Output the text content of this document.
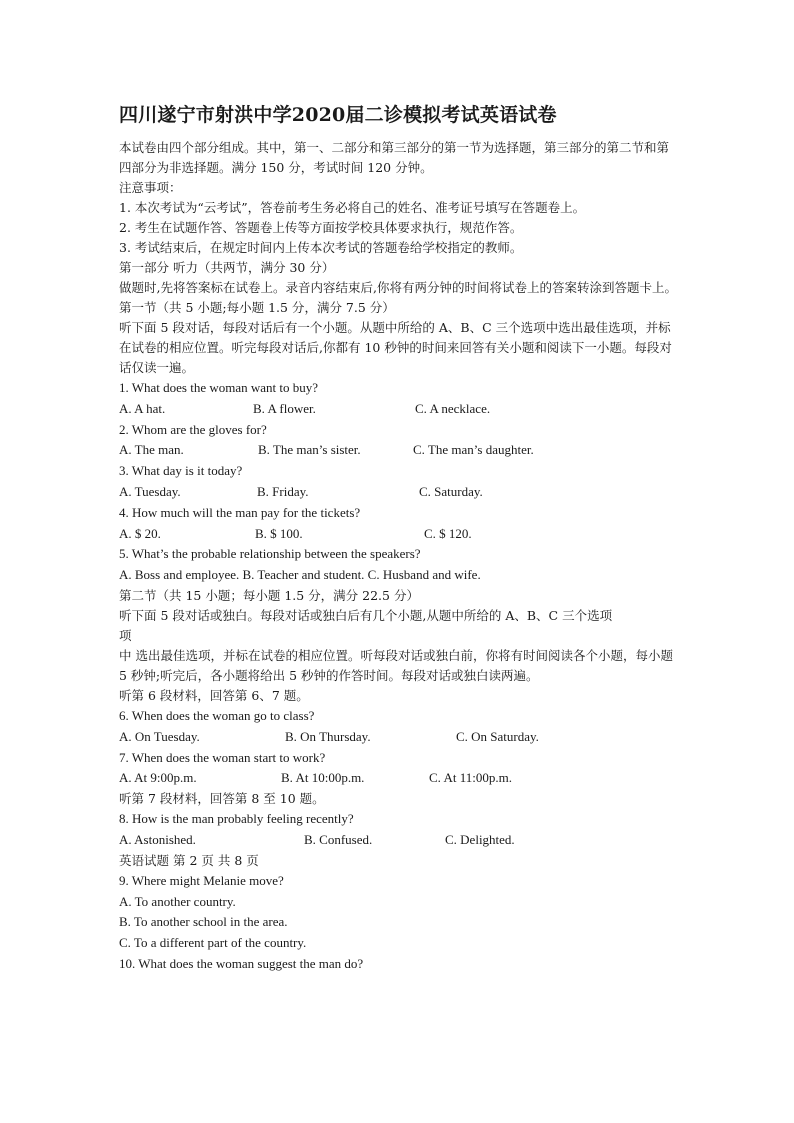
四川遂宁市射洪中学2020届二诊模拟考试英语试卷

本试卷由四个部分组成。其中，第一、二部分和第三部分的第一节为选择题，第三部分的第二节和第四部分为非选择题。满分 150 分，考试时间 120 分钟。

注意事项：

1. 本次考试为“云考试”，答卷前考生务必将自己的姓名、准考证号填写在答题卷上。

2. 考生在试题作答、答题卷上传等方面按学校具体要求执行，规范作答。

3. 考试结束后，在规定时间内上传本次考试的答题卷给学校指定的教师。

第一部分 听力（共两节，满分 30 分）

做题时,先将答案标在试卷上。录音内容结束后,你将有两分钟的时间将试卷上的答案转涂到答题卡上。

第一节（共 5 小题;每小题 1.5 分，满分 7.5 分）

听下面 5 段对话，每段对话后有一个小题。从题中所给的 A、B、C 三个选项中选出最佳选项，并标在试卷的相应位置。听完每段对话后,你都有 10 秒钟的时间来回答有关小题和阅读下一小题。每段对话仅读一遍。

1. What does the woman want to buy?

A. A hat.	B. A flower.	C. A necklace.

2. Whom are the gloves for?

A. The man.	B. The man’s sister.	C. The man’s daughter.

3. What day is it today?

A. Tuesday.	B. Friday.	C. Saturday.

4. How much will the man pay for the tickets?

A. $ 20.	B. $ 100.	C. $ 120.

5. What’s the probable relationship between the speakers?

A. Boss and employee. B. Teacher and student. C. Husband and wife.

第二节（共 15 小题；每小题 1.5 分，满分 22.5 分）

听下面 5 段对话或独白。每段对话或独白后有几个小题,从题中所给的 A、B、C 三个选项

项

中 选出最佳选项，并标在试卷的相应位置。听每段对话或独白前，你将有时间阅读各个小题，每小题 5 秒钟;听完后，各小题将给出 5 秒钟的作答时间。每段对话或独白读两遍。

听第 6 段材料，回答第 6、7 题。

6. When does the woman go to class?

A. On Tuesday.	B. On Thursday.	C. On Saturday.

7. When does the woman start to work?

A. At 9:00p.m.	B. At 10:00p.m.	C. At 11:00p.m.

听第 7 段材料，回答第 8 至 10 题。

8. How is the man probably feeling recently?

A. Astonished.	B. Confused.	C. Delighted.

英语试题 第 2 页 共 8 页

9. Where might Melanie move?

A. To another country.

B. To another school in the area.

C. To a different part of the country.

10. What does the woman suggest the man do?
